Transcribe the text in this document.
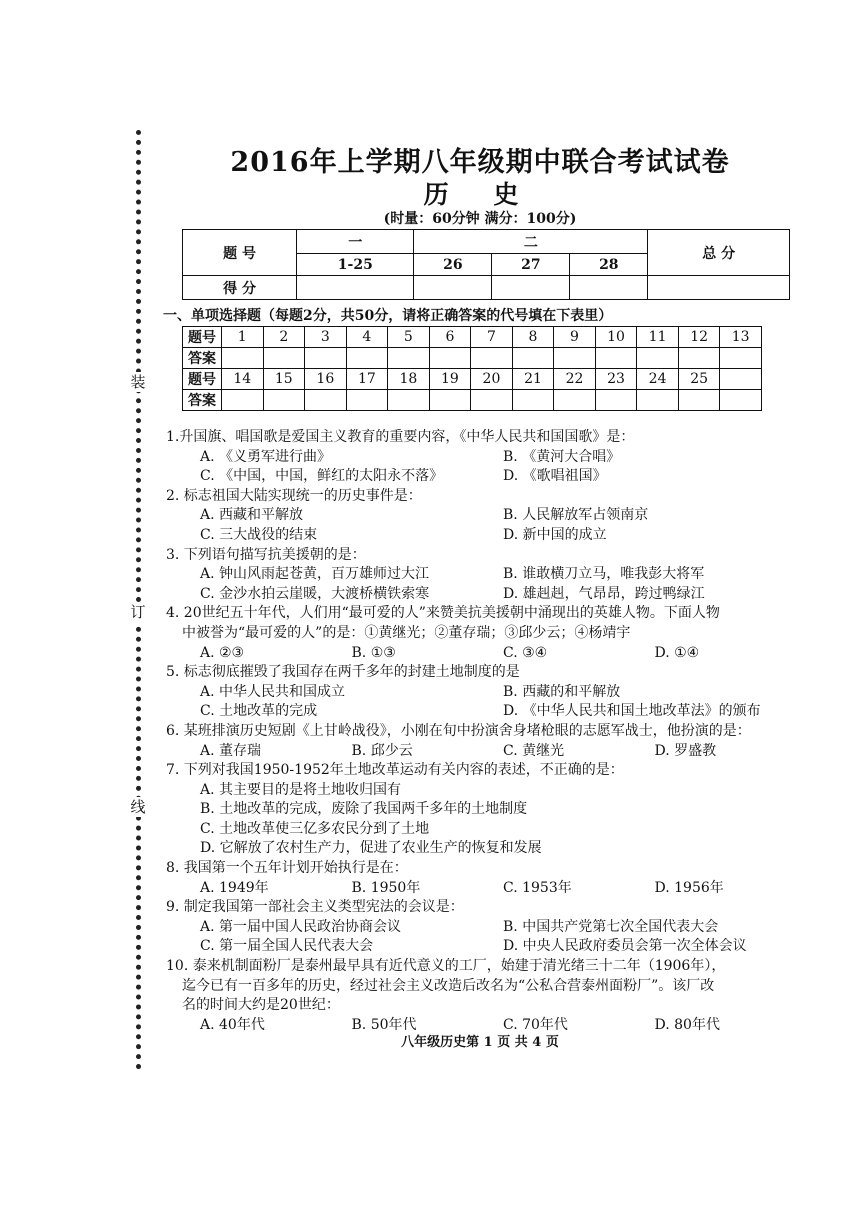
装
订
线
2016年上学期八年级期中联合考试试卷
历 史
(时量：60分钟 满分：100分)
题 号	一	二			总 分
	1-25	26	27	28	
得 分					
一、单项选择题（每题2分，共50分，请将正确答案的代号填在下表里）
题号	1	2	3	4	5	6	7	8	9	10	11	12	13
答案													
题号	14	15	16	17	18	19	20	21	22	23	24	25	
答案													
1.升国旗、唱国歌是爱国主义教育的重要内容，《中华人民共和国国歌》是：
A. 《义勇军进行曲》	B. 《黄河大合唱》
C. 《中国，中国，鲜红的太阳永不落》	D. 《歌唱祖国》
2. 标志祖国大陆实现统一的历史事件是：
A. 西藏和平解放	B. 人民解放军占领南京
C. 三大战役的结束	D. 新中国的成立
3. 下列语句描写抗美援朝的是：
A. 钟山风雨起苍黄，百万雄师过大江	B. 谁敢横刀立马，唯我彭大将军
C. 金沙水拍云崖暖，大渡桥横铁索寒	D. 雄赳赳，气昂昂，跨过鸭绿江
4. 20世纪五十年代，人们用“最可爱的人”来赞美抗美援朝中涌现出的英雄人物。下面人物
中被誉为“最可爱的人”的是：①黄继光；②董存瑞；③邱少云；④杨靖宇
A. ②③	B. ①③	C. ③④	D. ①④
5. 标志彻底摧毁了我国存在两千多年的封建土地制度的是
A. 中华人民共和国成立	B. 西藏的和平解放
C. 土地改革的完成	D. 《中华人民共和国土地改革法》的颁布
6. 某班排演历史短剧《上甘岭战役》，小刚在旬中扮演舍身堵枪眼的志愿军战士，他扮演的是：
A. 董存瑞	B. 邱少云	C. 黄继光	D. 罗盛教
7. 下列对我国1950-1952年土地改革运动有关内容的表述，不正确的是：
A. 其主要目的是将土地收归国有
B. 土地改革的完成，废除了我国两千多年的土地制度
C. 土地改革使三亿多农民分到了土地
D. 它解放了农村生产力，促进了农业生产的恢复和发展
8. 我国第一个五年计划开始执行是在：
A. 1949年	B. 1950年	C. 1953年	D. 1956年
9. 制定我国第一部社会主义类型宪法的会议是：
A. 第一届中国人民政治协商会议	B. 中国共产党第七次全国代表大会
C. 第一届全国人民代表大会	D. 中央人民政府委员会第一次全体会议
10. 泰来机制面粉厂是泰州最早具有近代意义的工厂，始建于清光绪三十二年（1906年），
迄今已有一百多年的历史，经过社会主义改造后改名为“公私合营泰州面粉厂”。该厂改
名的时间大约是20世纪：
A. 40年代	B. 50年代	C. 70年代	D. 80年代
八年级历史第 1 页 共 4 页
